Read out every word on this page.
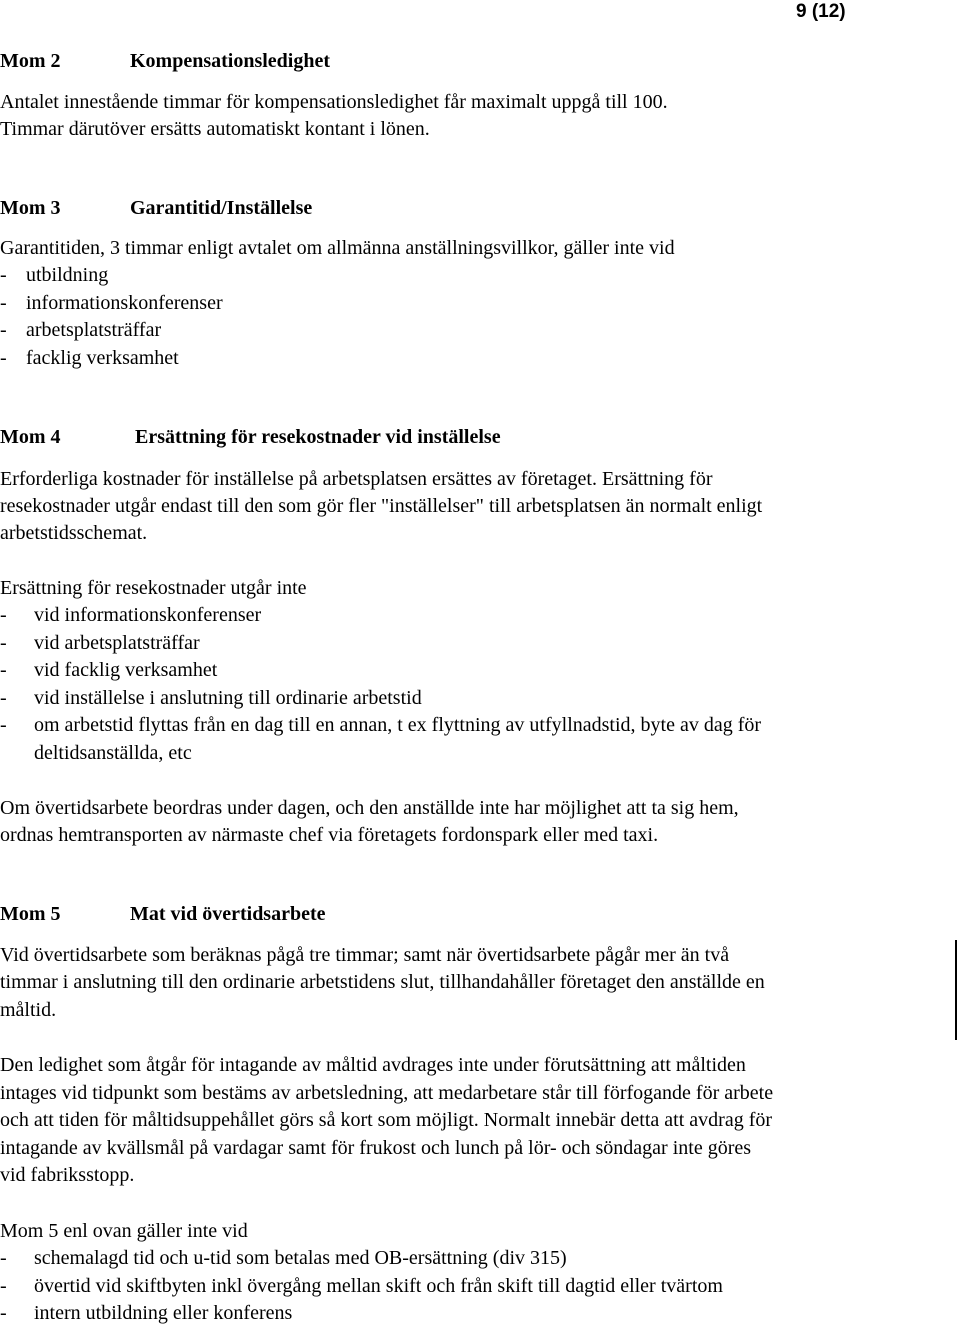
9 (12)
Mom 2	Kompensationsledighet
Antalet innestående timmar för kompensationsledighet får maximalt uppgå till 100.
Timmar därutöver ersätts automatiskt kontant i lönen.
Mom 3	Garantitid/Inställelse
Garantitiden, 3 timmar enligt avtalet om allmänna anställningsvillkor, gäller inte vid
- utbildning
- informationskonferenser
- arbetsplatsträffar
- facklig verksamhet
Mom 4	Ersättning för resekostnader vid inställelse
Erforderliga kostnader för inställelse på arbetsplatsen ersättes av företaget. Ersättning för
resekostnader utgår endast till den som gör fler "inställelser" till arbetsplatsen än normalt enligt
arbetstidsschemat.
Ersättning för resekostnader utgår inte
- vid informationskonferenser
- vid arbetsplatsträffar
- vid facklig verksamhet
- vid inställelse i anslutning till ordinarie arbetstid
- om arbetstid flyttas från en dag till en annan, t ex flyttning av utfyllnadstid, byte av dag för
deltidsanställda, etc
Om övertidsarbete beordras under dagen, och den anställde inte har möjlighet att ta sig hem,
ordnas hemtransporten av närmaste chef via företagets fordonspark eller med taxi.
Mom 5	Mat vid övertidsarbete
Vid övertidsarbete som beräknas pågå tre timmar; samt när övertidsarbete pågår mer än två
timmar i anslutning till den ordinarie arbetstidens slut, tillhandahåller företaget den anställde en
måltid.
Den ledighet som åtgår för intagande av måltid avdrages inte under förutsättning att måltiden
intages vid tidpunkt som bestäms av arbetsledning, att medarbetare står till förfogande för arbete
och att tiden för måltidsuppehållet görs så kort som möjligt. Normalt innebär detta att avdrag för
intagande av kvällsmål på vardagar samt för frukost och lunch på lör- och söndagar inte göres
vid fabriksstopp.
Mom 5 enl ovan gäller inte vid
- schemalagd tid och u-tid som betalas med OB-ersättning (div 315)
- övertid vid skiftbyten inkl övergång mellan skift och från skift till dagtid eller tvärtom
- intern utbildning eller konferens
